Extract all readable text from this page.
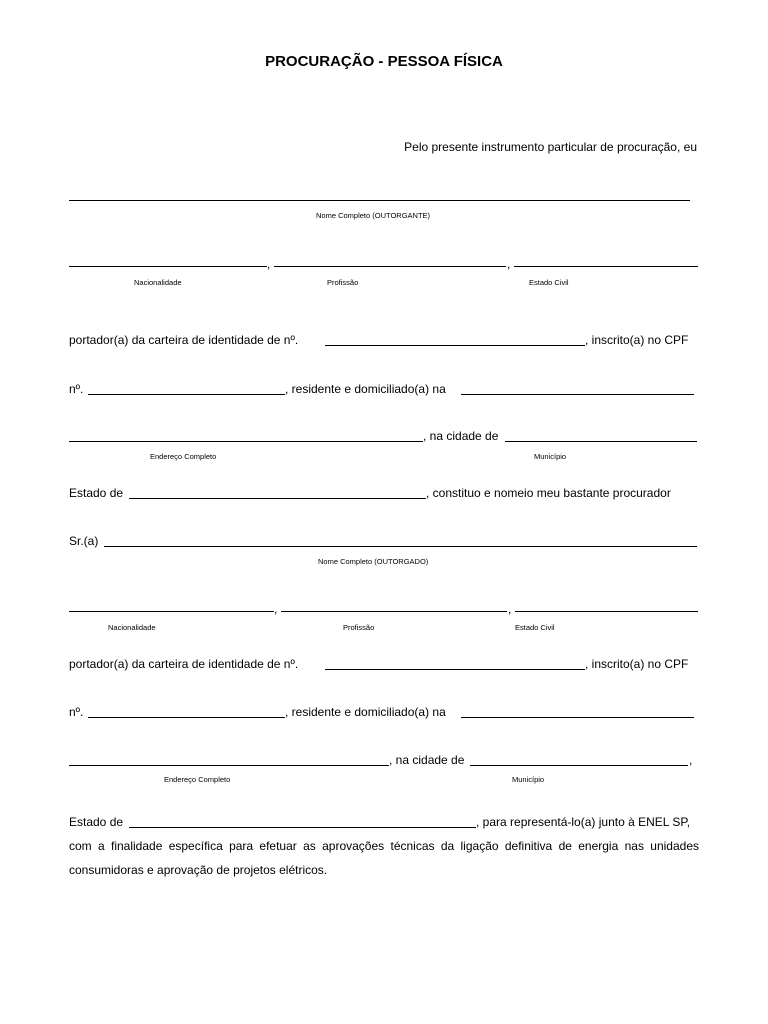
PROCURAÇÃO - PESSOA FÍSICA
Pelo presente instrumento particular de procuração, eu
Nome Completo (OUTORGANTE)
,	,
Nacionalidade	Profissão	Estado Civil
portador(a) da carteira de identidade de nº.	, inscrito(a) no CPF
nº.	, residente e domiciliado(a) na
, na cidade de
Endereço Completo	Município
Estado de	, constituo e nomeio meu bastante procurador
Sr.(a)
Nome Completo (OUTORGADO)
,	,
Nacionalidade	Profissão	Estado Civil
portador(a) da carteira de identidade de nº.	, inscrito(a) no CPF
nº.	, residente e domiciliado(a) na
, na cidade de	,
Endereço Completo	Município
Estado de	, para representá-lo(a) junto à ENEL SP,
com a finalidade específica para efetuar as aprovações técnicas da ligação definitiva de energia nas unidades consumidoras e aprovação de projetos elétricos.
